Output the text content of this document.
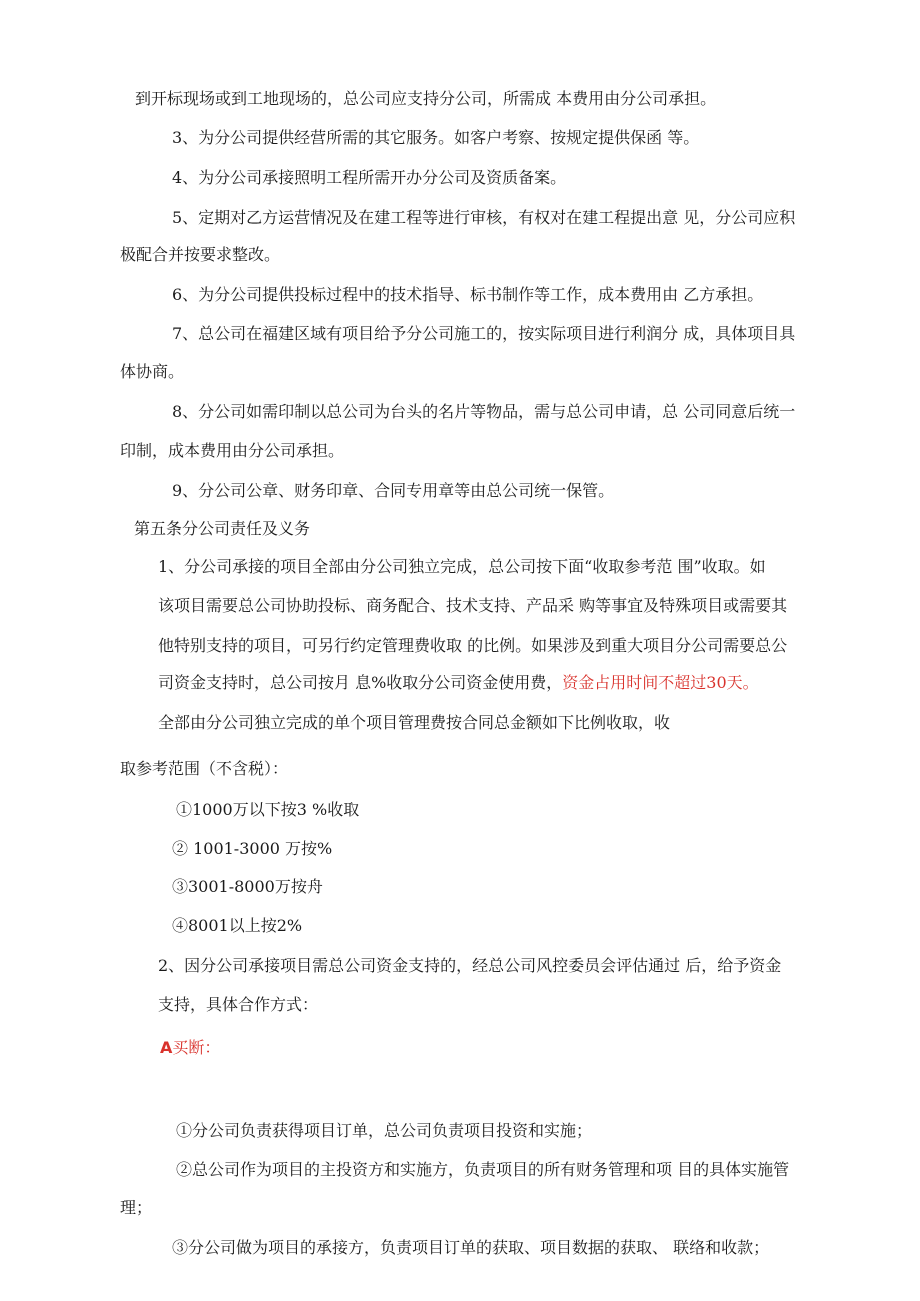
到开标现场或到工地现场的，总公司应支持分公司，所需成 本费用由分公司承担。
3、为分公司提供经营所需的其它服务。如客户考察、按规定提供保函 等。
4、为分公司承接照明工程所需开办分公司及资质备案。
5、定期对乙方运营情况及在建工程等进行审核，有权对在建工程提出意 见，分公司应积
极配合并按要求整改。
6、为分公司提供投标过程中的技术指导、标书制作等工作，成本费用由 乙方承担。
7、总公司在福建区域有项目给予分公司施工的，按实际项目进行利润分 成，具体项目具
体协商。
8、分公司如需印制以总公司为台头的名片等物品，需与总公司申请，总 公司同意后统一
印制，成本费用由分公司承担。
9、分公司公章、财务印章、合同专用章等由总公司统一保管。
第五条分公司责任及义务
1、分公司承接的项目全部由分公司独立完成，总公司按下面“收取参考范 围”收取。如
该项目需要总公司协助投标、商务配合、技术支持、产品采 购等事宜及特殊项目或需要其
他特别支持的项目，可另行约定管理费收取 的比例。如果涉及到重大项目分公司需要总公
司资金支持时，总公司按月 息%收取分公司资金使用费，资金占用时间不超过30天。
全部由分公司独立完成的单个项目管理费按合同总金额如下比例收取，收
取参考范围（不含税）：
①1000万以下按3 %收取
② 1001-3000 万按%
③3001-8000万按舟
④8001以上按2%
2、因分公司承接项目需总公司资金支持的，经总公司风控委员会评估通过 后，给予资金
支持，具体合作方式：
A买断：
①分公司负责获得项目订单，总公司负责项目投资和实施；
②总公司作为项目的主投资方和实施方，负责项目的所有财务管理和项 目的具体实施管
理；
③分公司做为项目的承接方，负责项目订单的获取、项目数据的获取、 联络和收款；
